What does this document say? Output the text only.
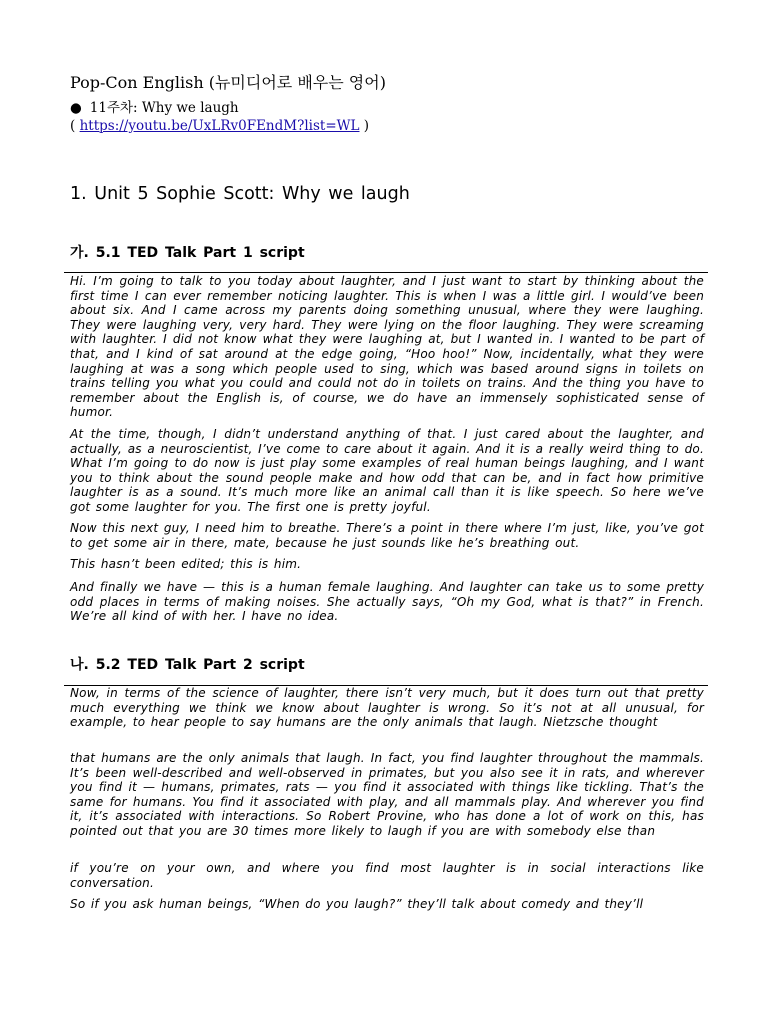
Pop-Con English (뉴미디어로 배우는 영어)
● 11주차: Why we laugh
( https://youtu.be/UxLRv0FEndM?list=WL )
1. Unit 5 Sophie Scott: Why we laugh
가. 5.1 TED Talk Part 1 script
Hi. I’m going to talk to you today about laughter, and I just want to start by thinking about the first time I can ever remember noticing laughter. This is when I was a little girl. I would’ve been about six. And I came across my parents doing something unusual, where they were laughing. They were laughing very, very hard. They were lying on the floor laughing. They were screaming with laughter. I did not know what they were laughing at, but I wanted in. I wanted to be part of that, and I kind of sat around at the edge going, “Hoo hoo!” Now, incidentally, what they were laughing at was a song which people used to sing, which was based around signs in toilets on trains telling you what you could and could not do in toilets on trains. And the thing you have to remember about the English is, of course, we do have an immensely sophisticated sense of humor.
At the time, though, I didn’t understand anything of that. I just cared about the laughter, and actually, as a neuroscientist, I’ve come to care about it again. And it is a really weird thing to do. What I’m going to do now is just play some examples of real human beings laughing, and I want you to think about the sound people make and how odd that can be, and in fact how primitive laughter is as a sound. It’s much more like an animal call than it is like speech. So here we’ve got some laughter for you. The first one is pretty joyful.
Now this next guy, I need him to breathe. There’s a point in there where I’m just, like, you’ve got to get some air in there, mate, because he just sounds like he’s breathing out.
This hasn’t been edited; this is him.
And finally we have — this is a human female laughing. And laughter can take us to some pretty odd places in terms of making noises. She actually says, “Oh my God, what is that?” in French. We’re all kind of with her. I have no idea.
나. 5.2 TED Talk Part 2 script
Now, in terms of the science of laughter, there isn’t very much, but it does turn out that pretty much everything we think we know about laughter is wrong. So it’s not at all unusual, for example, to hear people to say humans are the only animals that laugh. Nietzsche thought
that humans are the only animals that laugh. In fact, you find laughter throughout the mammals. It’s been well-described and well-observed in primates, but you also see it in rats, and wherever you find it — humans, primates, rats — you find it associated with things like tickling. That’s the same for humans. You find it associated with play, and all mammals play. And wherever you find it, it’s associated with interactions. So Robert Provine, who has done a lot of work on this, has pointed out that you are 30 times more likely to laugh if you are with somebody else than
if you’re on your own, and where you find most laughter is in social interactions like conversation.
So if you ask human beings, “When do you laugh?” they’ll talk about comedy and they’ll
